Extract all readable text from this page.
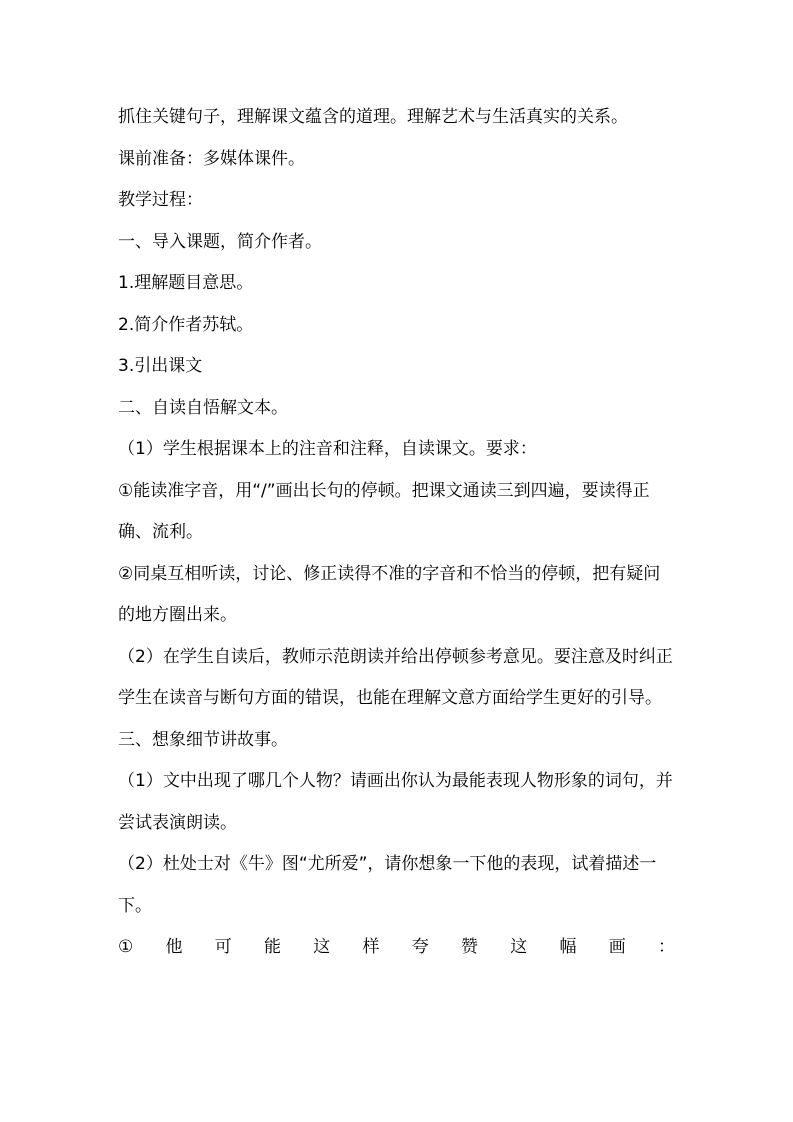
抓住关键句子，理解课文蕴含的道理。理解艺术与生活真实的关系。

课前准备：多媒体课件。

教学过程：

一、导入课题，简介作者。

1.理解题目意思。

2.简介作者苏轼。

3.引出课文

二、自读自悟解文本。

（1）学生根据课本上的注音和注释，自读课文。要求：

①能读准字音，用“/”画出长句的停顿。把课文通读三到四遍，要读得正确、流利。

②同桌互相听读，讨论、修正读得不准的字音和不恰当的停顿，把有疑问的地方圈出来。

（2）在学生自读后，教师示范朗读并给出停顿参考意见。要注意及时纠正学生在读音与断句方面的错误，也能在理解文意方面给学生更好的引导。

三、想象细节讲故事。

（1）文中出现了哪几个人物？请画出你认为最能表现人物形象的词句，并尝试表演朗读。

（2）杜处士对《牛》图“尤所爱”，请你想象一下他的表现，试着描述一下。

① 他 可 能 这 样 夸 赞 这 幅 画 ：
